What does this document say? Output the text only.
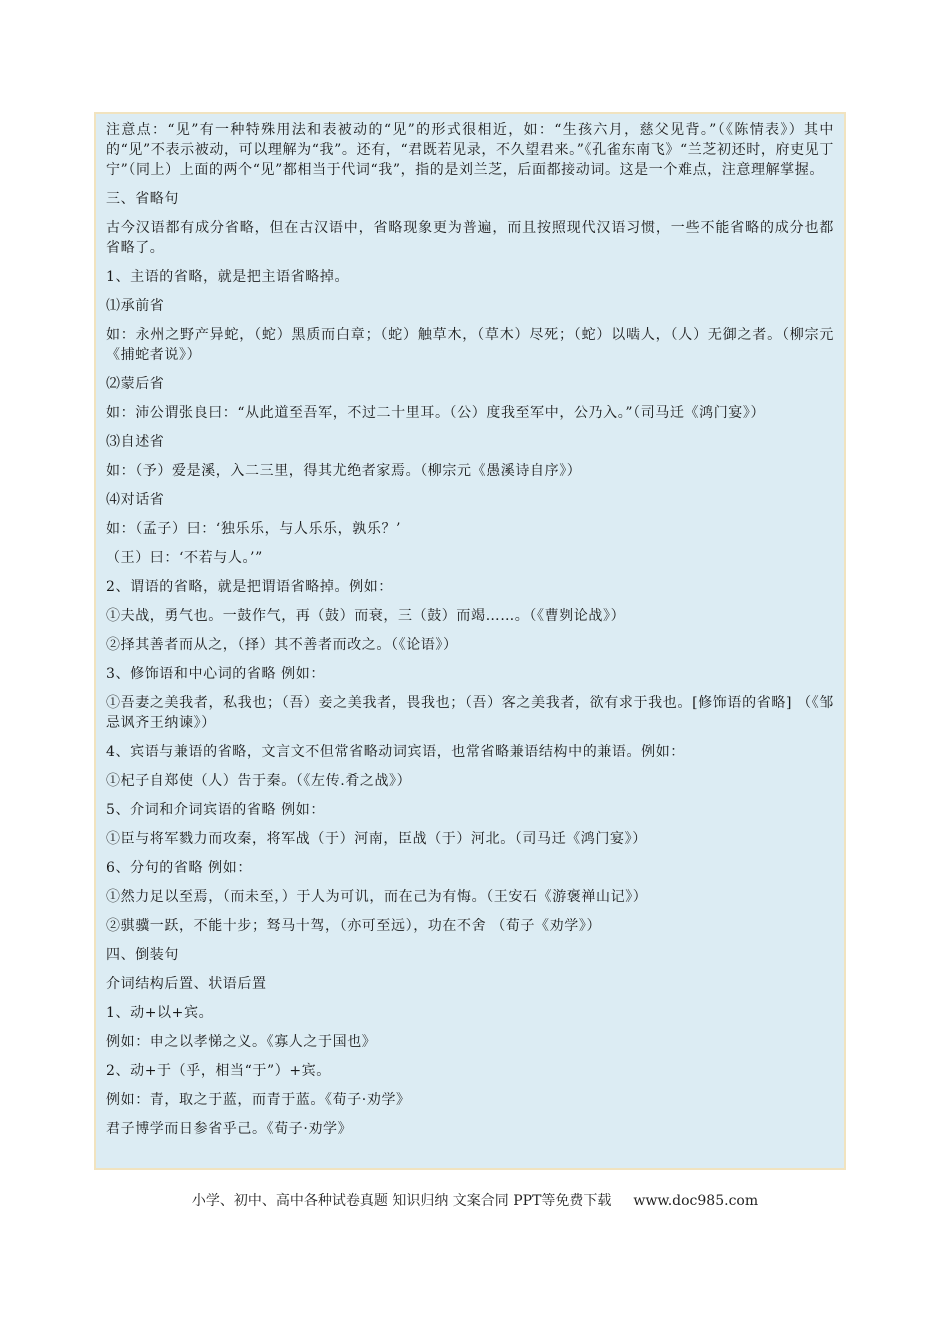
注意点：“见”有一种特殊用法和表被动的“见”的形式很相近，如：“生孩六月，慈父见背。”（《陈情表》）其中的“见”不表示被动，可以理解为“我”。还有，“君既若见录，不久望君来。”《孔雀东南飞》“兰芝初还时，府吏见丁宁”（同上）上面的两个“见”都相当于代词“我”，指的是刘兰芝，后面都接动词。这是一个难点，注意理解掌握。

三、省略句

古今汉语都有成分省略，但在古汉语中，省略现象更为普遍，而且按照现代汉语习惯，一些不能省略的成分也都省略了。

1、主语的省略，就是把主语省略掉。

⑴承前省

如：永州之野产异蛇，（蛇）黑质而白章；（蛇）触草木，（草木）尽死；（蛇）以啮人，（人）无御之者。（柳宗元《捕蛇者说》）

⑵蒙后省

如：沛公谓张良曰：“从此道至吾军，不过二十里耳。（公）度我至军中，公乃入。”（司马迁《鸿门宴》）

⑶自述省

如：（予）爱是溪，入二三里，得其尤绝者家焉。（柳宗元《愚溪诗自序》）

⑷对话省

如：（孟子）曰：‘独乐乐，与人乐乐，孰乐？’

（王）曰：‘不若与人。’”

2、谓语的省略，就是把谓语省略掉。例如：

①夫战，勇气也。一鼓作气，再（鼓）而衰，三（鼓）而竭……。（《曹刿论战》）

②择其善者而从之，（择）其不善者而改之。（《论语》）

3、修饰语和中心词的省略 例如：

①吾妻之美我者，私我也；（吾）妾之美我者，畏我也；（吾）客之美我者，欲有求于我也。[修饰语的省略] （《邹忌讽齐王纳谏》）

4、宾语与兼语的省略，文言文不但常省略动词宾语，也常省略兼语结构中的兼语。例如：

①杞子自郑使（人）告于秦。（《左传.肴之战》）

5、介词和介词宾语的省略 例如：

①臣与将军戮力而攻秦，将军战（于）河南，臣战（于）河北。（司马迁《鸿门宴》）

6、分句的省略 例如：

①然力足以至焉，（而未至，）于人为可讥，而在己为有悔。（王安石《游褒禅山记》）

②骐骥一跃，不能十步；驽马十驾，（亦可至远），功在不舍 （荀子《劝学》）

四、倒装句

介词结构后置、状语后置

1、动+以+宾。

例如：申之以孝悌之义。《寡人之于国也》

2、动+于（乎，相当“于”）+宾。

例如：青，取之于蓝，而青于蓝。《荀子·劝学》

君子博学而日参省乎己。《荀子·劝学》

小学、初中、高中各种试卷真题 知识归纳 文案合同 PPT等免费下载 www.doc985.com
